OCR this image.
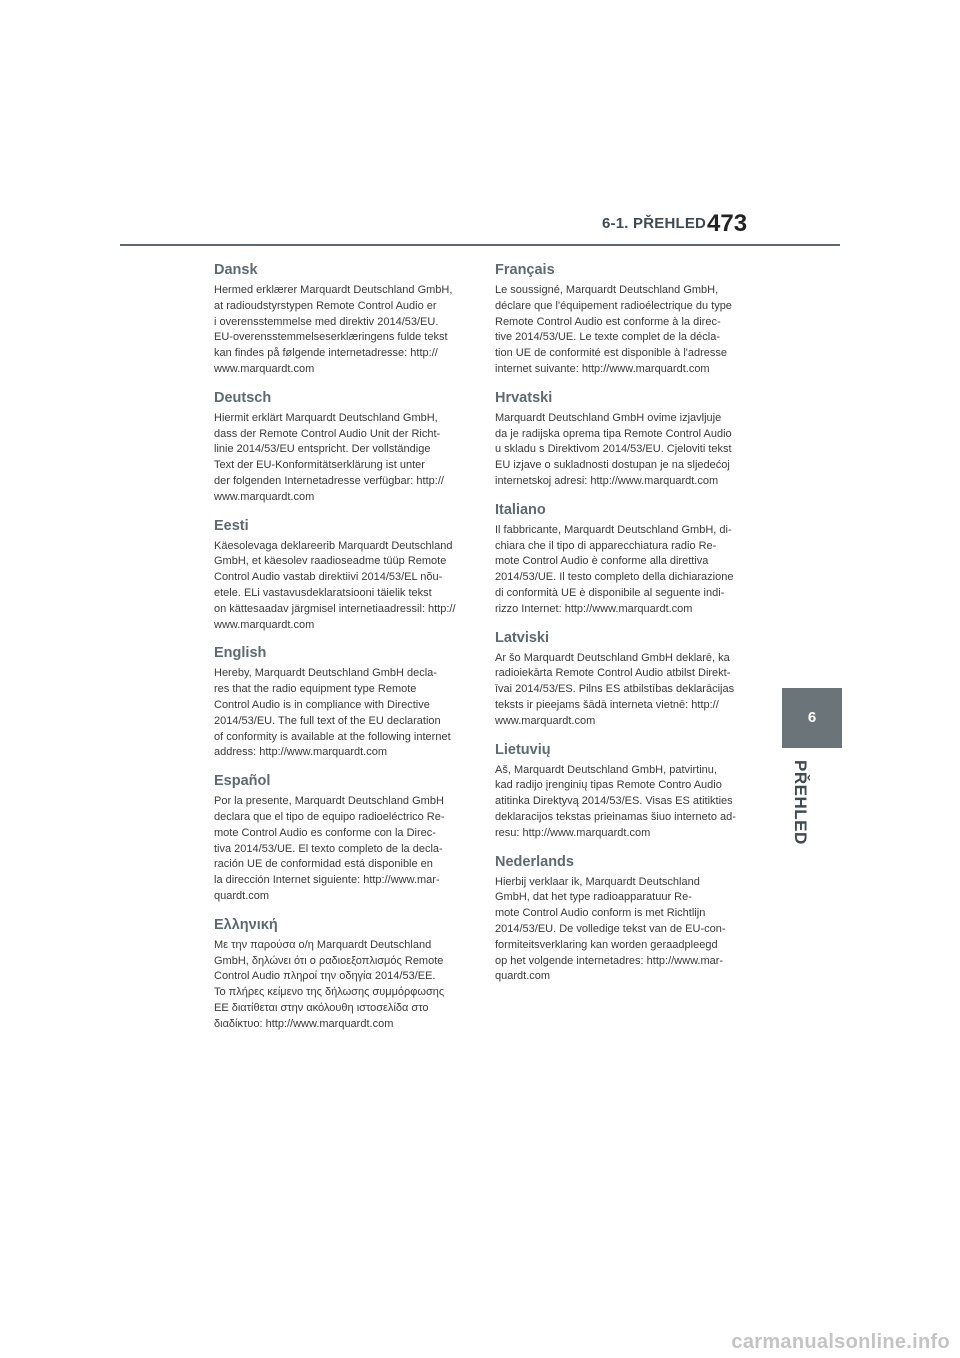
6-1. PŘEHLED 473
6
PŘEHLED
Dansk

Hermed erklærer Marquardt Deutschland GmbH,
at radioudstyrstypen Remote Control Audio er
i overensstemmelse med direktiv 2014/53/EU.
EU-overensstemmelseserklæringens fulde tekst
kan findes på følgende internetadresse: http://
www.marquardt.com

Deutsch

Hiermit erklärt Marquardt Deutschland GmbH,
dass der Remote Control Audio Unit der Richt-
linie 2014/53/EU entspricht. Der vollständige
Text der EU-Konformitätserklärung ist unter
der folgenden Internetadresse verfügbar: http://
www.marquardt.com

Eesti

Käesolevaga deklareerib Marquardt Deutschland
GmbH, et käesolev raadioseadme tüüp Remote
Control Audio vastab direktiivi 2014/53/EL nõu-
etele. ELi vastavusdeklaratsiooni täielik tekst
on kättesaadav järgmisel internetiaadressil: http://
www.marquardt.com

English

Hereby, Marquardt Deutschland GmbH decla-
res that the radio equipment type Remote
Control Audio is in compliance with Directive
2014/53/EU. The full text of the EU declaration
of conformity is available at the following internet
address: http://www.marquardt.com

Español

Por la presente, Marquardt Deutschland GmbH
declara que el tipo de equipo radioeléctrico Re-
mote Control Audio es conforme con la Direc-
tiva 2014/53/UE. El texto completo de la decla-
ración UE de conformidad está disponible en
la dirección Internet siguiente: http://www.mar-
quardt.com

Ελληνική

Με την παρούσα ο/η Marquardt Deutschland
GmbH, δηλώνει ότι ο ραδιοεξοπλισμός Remote
Control Audio πληροί την οδηγία 2014/53/ΕΕ.
Το πλήρες κείμενο της δήλωσης συμμόρφωσης
ΕΕ διατίθεται στην ακόλουθη ιστοσελίδα στο
διαδίκτυο: http://www.marquardt.com

Français

Le soussigné, Marquardt Deutschland GmbH,
déclare que l'équipement radioélectrique du type
Remote Control Audio est conforme à la direc-
tive 2014/53/UE. Le texte complet de la décla-
tion UE de conformité est disponible à l'adresse
internet suivante: http://www.marquardt.com

Hrvatski

Marquardt Deutschland GmbH ovime izjavljuje
da je radijska oprema tipa Remote Control Audio
u skladu s Direktivom 2014/53/EU. Cjeloviti tekst
EU izjave o sukladnosti dostupan je na sljedećoj
internetskoj adresi: http://www.marquardt.com

Italiano

Il fabbricante, Marquardt Deutschland GmbH, di-
chiara che il tipo di apparecchiatura radio Re-
mote Control Audio è conforme alla direttiva
2014/53/UE. Il testo completo della dichiarazione
di conformità UE è disponibile al seguente indi-
rizzo Internet: http://www.marquardt.com

Latviski

Ar šo Marquardt Deutschland GmbH deklarē, ka
radioiekārta Remote Control Audio atbilst Direkt-
īvai 2014/53/ES. Pilns ES atbilstības deklarācijas
teksts ir pieejams šādā interneta vietnē: http://
www.marquardt.com

Lietuvių

Aš, Marquardt Deutschland GmbH, patvirtinu,
kad radijo įrenginių tipas Remote Contro Audio
atitinka Direktyvą 2014/53/ES. Visas ES atitikties
deklaracijos tekstas prieinamas šiuo interneto ad-
resu: http://www.marquardt.com

Nederlands

Hierbij verklaar ik, Marquardt Deutschland
GmbH, dat het type radioapparatuur Re-
mote Control Audio conform is met Richtlijn
2014/53/EU. De volledige tekst van de EU-con-
formiteitsverklaring kan worden geraadpleegd
op het volgende internetadres: http://www.mar-
quardt.com

carmanualsonline.info
